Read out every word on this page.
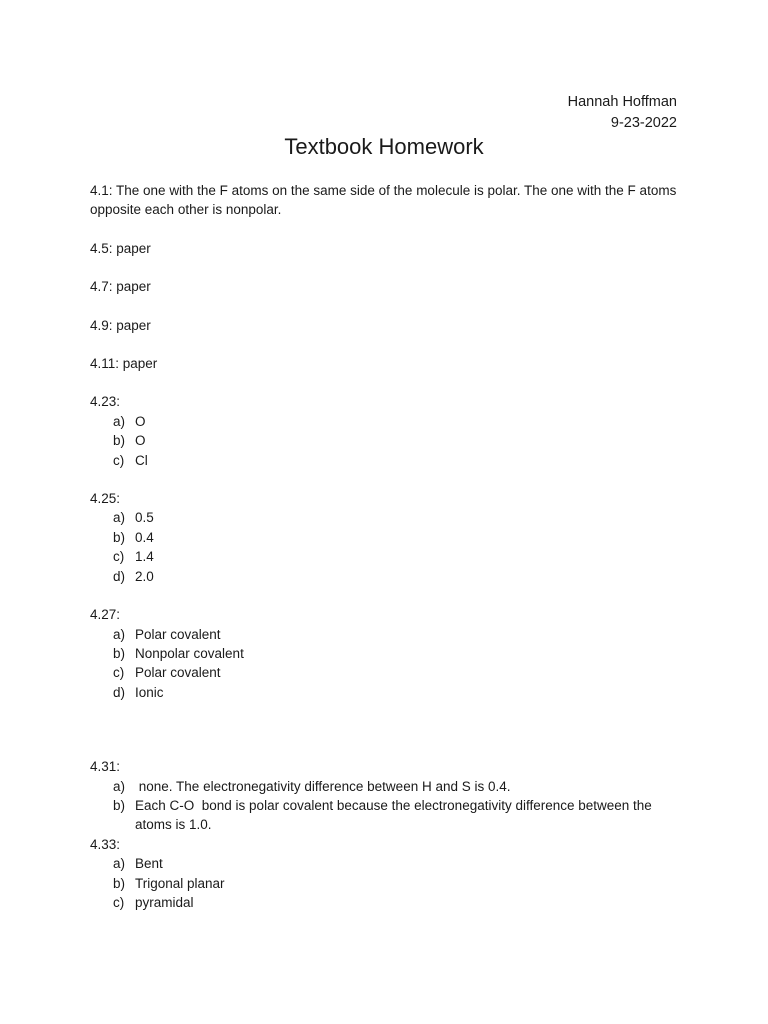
Hannah Hoffman
9-23-2022
Textbook Homework

4.1: The one with the F atoms on the same side of the molecule is polar. The one with the F atoms opposite each other is nonpolar.

4.5: paper

4.7: paper

4.9: paper

4.11: paper

4.23:

a) O
b) O
c) Cl

4.25:

a) 0.5
b) 0.4
c) 1.4
d) 2.0

4.27:

a) Polar covalent
b) Nonpolar covalent
c) Polar covalent
d) Ionic

4.31:

a) none. The electronegativity difference between H and S is 0.4.
b) Each C-O  bond is polar covalent because the electronegativity difference between the atoms is 1.0.

4.33:

a) Bent
b) Trigonal planar
c) pyramidal
